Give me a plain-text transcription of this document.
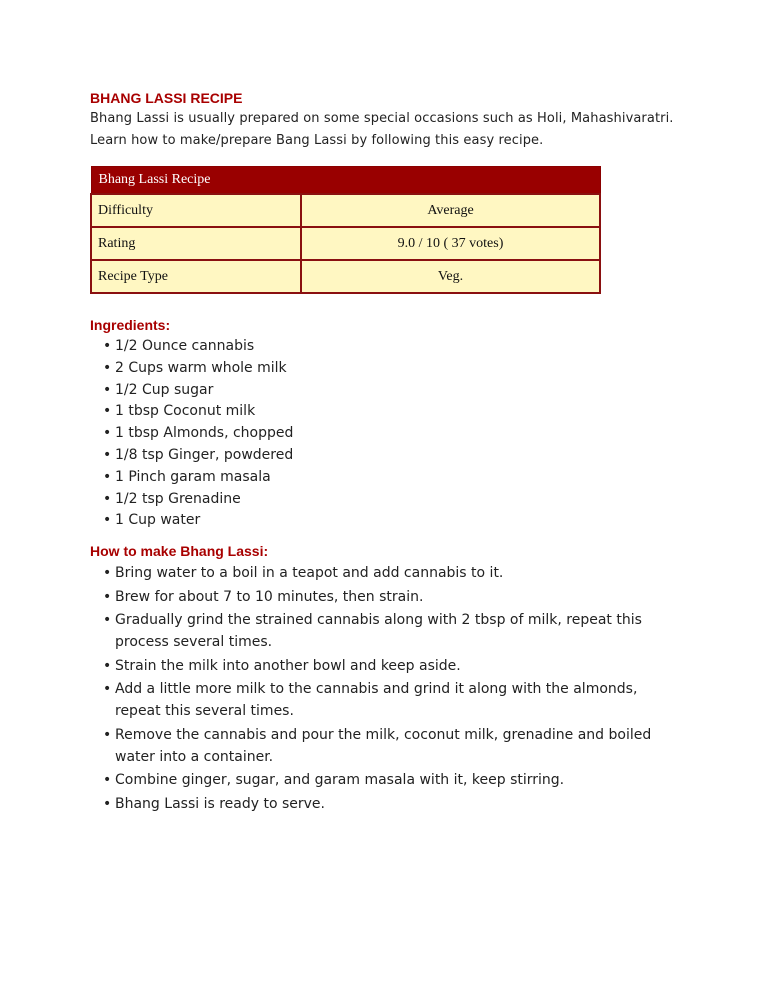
BHANG LASSI RECIPE

Bhang Lassi is usually prepared on some special occasions such as Holi, Mahashivaratri.

Learn how to make/prepare Bang Lassi by following this easy recipe.

Bhang Lassi Recipe	
Difficulty	Average
Rating	9.0 / 10 ( 37 votes)
Recipe Type	Veg.
Ingredients:
• 1/2 Ounce cannabis
• 2 Cups warm whole milk
• 1/2 Cup sugar
• 1 tbsp Coconut milk
• 1 tbsp Almonds, chopped
• 1/8 tsp Ginger, powdered
• 1 Pinch garam masala
• 1/2 tsp Grenadine
• 1 Cup water
How to make Bhang Lassi:
• Bring water to a boil in a teapot and add cannabis to it.
• Brew for about 7 to 10 minutes, then strain.
• Gradually grind the strained cannabis along with 2 tbsp of milk, repeat this process several times.
• Strain the milk into another bowl and keep aside.
• Add a little more milk to the cannabis and grind it along with the almonds, repeat this several times.
• Remove the cannabis and pour the milk, coconut milk, grenadine and boiled water into a container.
• Combine ginger, sugar, and garam masala with it, keep stirring.
• Bhang Lassi is ready to serve.
